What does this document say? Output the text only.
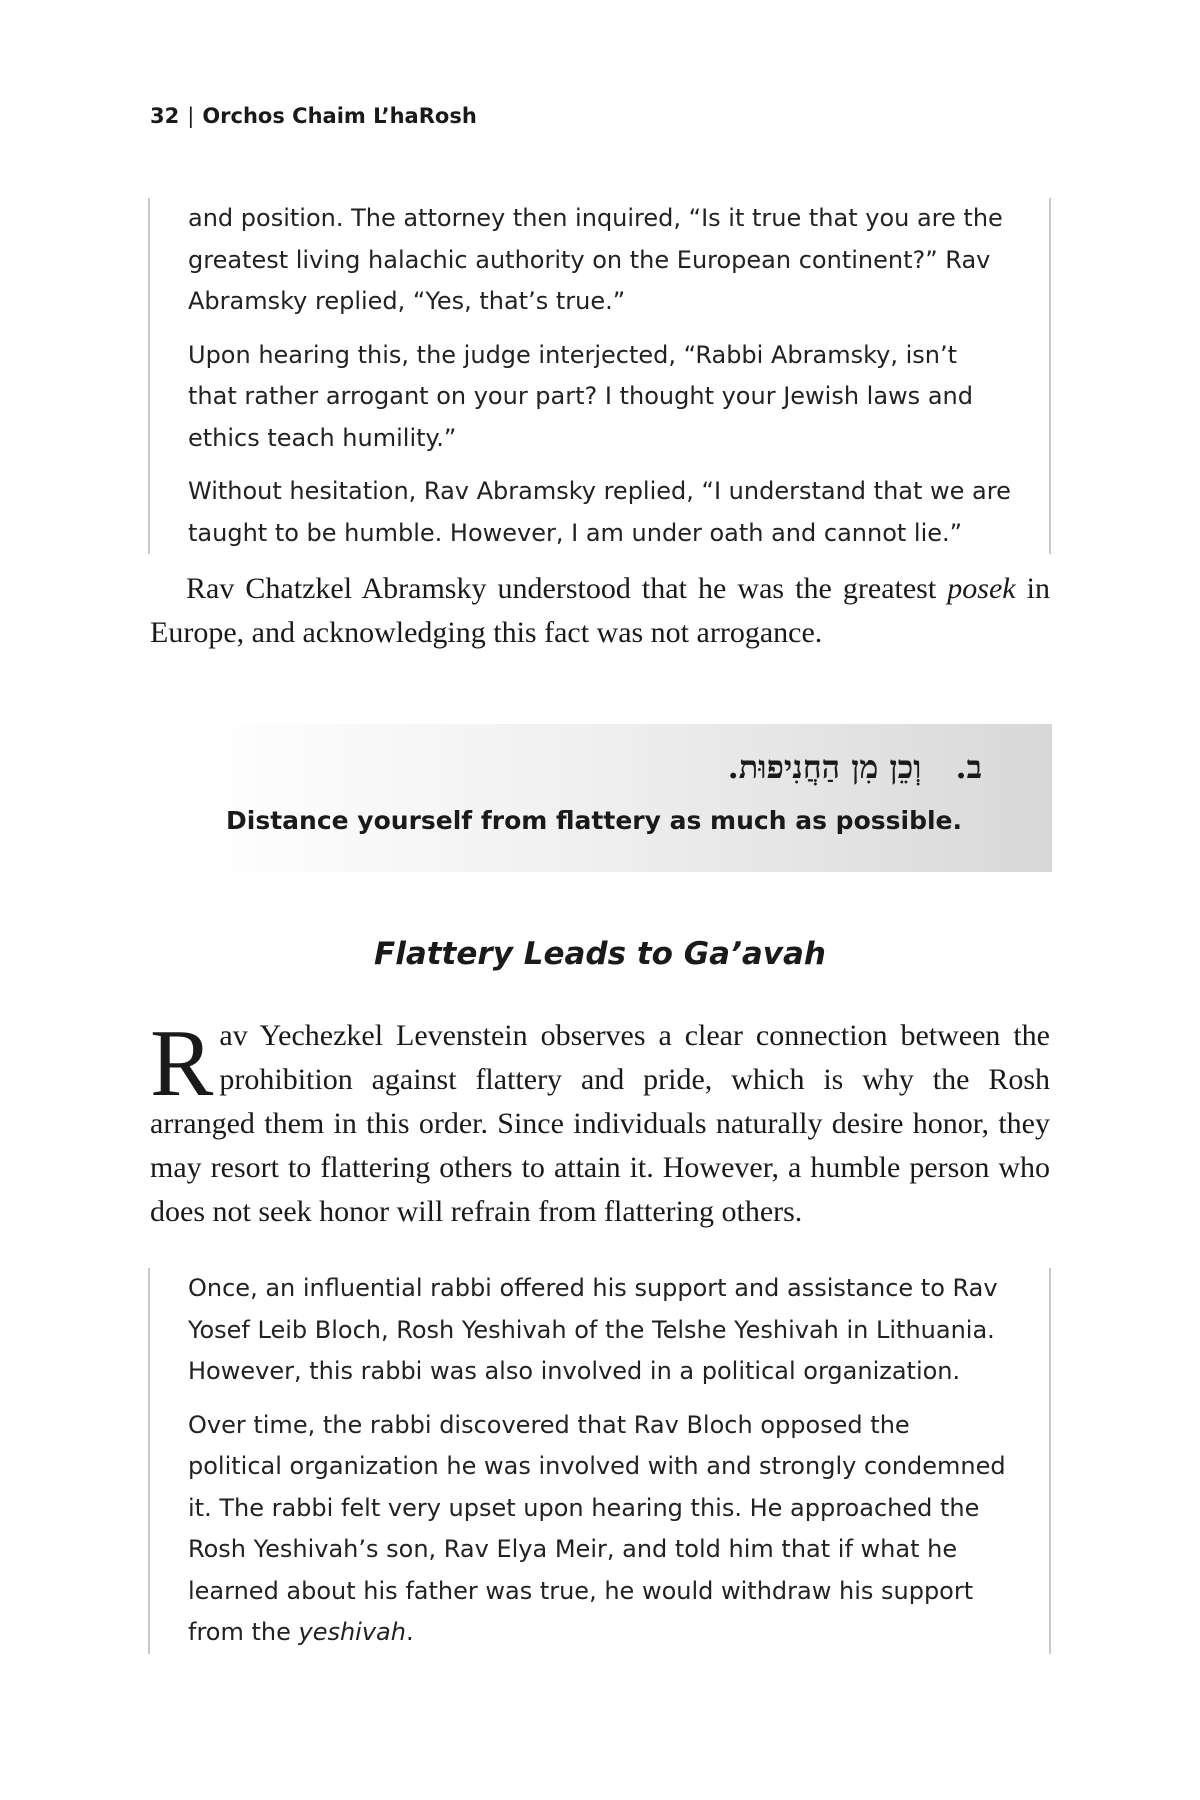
32 | Orchos Chaim L’haRosh

and position. The attorney then inquired, “Is it true that you are the greatest living halachic authority on the European continent?” Rav Abramsky replied, “Yes, that’s true.”

Upon hearing this, the judge interjected, “Rabbi Abramsky, isn’t that rather arrogant on your part? I thought your Jewish laws and ethics teach humility.”

Without hesitation, Rav Abramsky replied, “I understand that we are taught to be humble. However, I am under oath and cannot lie.”

Rav Chatzkel Abramsky understood that he was the greatest posek in Europe, and acknowledging this fact was not arrogance.
ב.וְכֵן מִן הַחֲנִיפוּת.
Distance yourself from flattery as much as possible.
Flattery Leads to Ga’avah
Rav Yechezkel Levenstein observes a clear connection between the prohibition against flattery and pride, which is why the Rosh arranged them in this order. Since individuals naturally desire honor, they may resort to flattering others to attain it. However, a humble person who does not seek honor will refrain from flattering others.

Once, an influential rabbi offered his support and assistance to Rav Yosef Leib Bloch, Rosh Yeshivah of the Telshe Yeshivah in Lithuania. However, this rabbi was also involved in a political organization.

Over time, the rabbi discovered that Rav Bloch opposed the political organization he was involved with and strongly condemned it. The rabbi felt very upset upon hearing this. He approached the Rosh Yeshivah’s son, Rav Elya Meir, and told him that if what he learned about his father was true, he would withdraw his support from the yeshivah.
